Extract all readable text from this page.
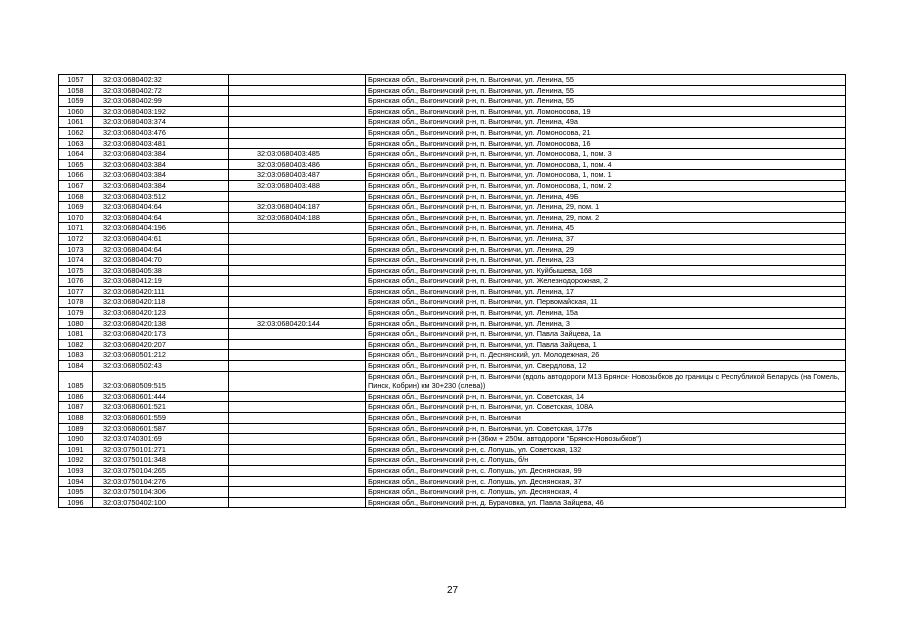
1057	32:03:0680402:32		Брянская обл., Выгоничский р-н, п. Выгоничи, ул. Ленина, 55
1058	32:03:0680402:72		Брянская обл., Выгоничский р-н, п. Выгоничи, ул. Ленина, 55
1059	32:03:0680402:99		Брянская обл., Выгоничский р-н, п. Выгоничи, ул. Ленина, 55
1060	32:03:0680403:192		Брянская обл., Выгоничский р-н, п. Выгоничи, ул. Ломоносова, 19
1061	32:03:0680403:374		Брянская обл., Выгоничский р-н, п. Выгоничи, ул. Ленина, 49а
1062	32:03:0680403:476		Брянская обл., Выгоничский р-н, п. Выгоничи, ул. Ломоносова, 21
1063	32:03:0680403:481		Брянская обл., Выгоничский р-н, п. Выгоничи, ул. Ломоносова, 16
1064	32:03:0680403:384	32:03:0680403:485	Брянская обл., Выгоничский р-н, п. Выгоничи, ул. Ломоносова, 1, пом. 3
1065	32:03:0680403:384	32:03:0680403:486	Брянская обл., Выгоничский р-н, п. Выгоничи, ул. Ломоносова, 1, пом. 4
1066	32:03:0680403:384	32:03:0680403:487	Брянская обл., Выгоничский р-н, п. Выгоничи, ул. Ломоносова, 1, пом. 1
1067	32:03:0680403:384	32:03:0680403:488	Брянская обл., Выгоничский р-н, п. Выгоничи, ул. Ломоносова, 1, пом. 2
1068	32:03:0680403:512		Брянская обл., Выгоничский р-н, п. Выгоничи, ул. Ленина, 49Б
1069	32:03:0680404:64	32:03:0680404:187	Брянская обл., Выгоничский р-н, п. Выгоничи, ул. Ленина, 29, пом. 1
1070	32:03:0680404:64	32:03:0680404:188	Брянская обл., Выгоничский р-н, п. Выгоничи, ул. Ленина, 29, пом. 2
1071	32:03:0680404:196		Брянская обл., Выгоничский р-н, п. Выгоничи, ул. Ленина, 45
1072	32:03:0680404:61		Брянская обл., Выгоничский р-н, п. Выгоничи, ул. Ленина, 37
1073	32:03:0680404:64		Брянская обл., Выгоничский р-н, п. Выгоничи, ул. Ленина, 29
1074	32:03:0680404:70		Брянская обл., Выгоничский р-н, п. Выгоничи, ул. Ленина, 23
1075	32:03:0680405:38		Брянская обл., Выгоничский р-н, п. Выгоничи, ул. Куйбышева, 168
1076	32:03:0680412:19		Брянская обл., Выгоничский р-н, п. Выгоничи, ул. Железнодорожная, 2
1077	32:03:0680420:111		Брянская обл., Выгоничский р-н, п. Выгоничи, ул. Ленина, 17
1078	32:03:0680420:118		Брянская обл., Выгоничский р-н, п. Выгоничи, ул. Первомайская, 11
1079	32:03:0680420:123		Брянская обл., Выгоничский р-н, п. Выгоничи, ул. Ленина, 15а
1080	32:03:0680420:138	32:03:0680420:144	Брянская обл., Выгоничский р-н, п. Выгоничи, ул. Ленина, 3
1081	32:03:0680420:173		Брянская обл., Выгоничский р-н, п. Выгоничи, ул. Павла Зайцева, 1а
1082	32:03:0680420:207		Брянская обл., Выгоничский р-н, п. Выгоничи, ул. Павла Зайцева, 1
1083	32:03:0680501:212		Брянская обл., Выгоничский р-н, п. Деснянский, ул. Молодежная, 26
1084	32:03:0680502:43		Брянская обл., Выгоничский р-н, п. Выгоничи, ул. Свердлова, 12
1085	32:03:0680509:515		Брянская обл., Выгоничский р-н, п. Выгоничи (вдоль автодороги М13 Брянск- Новозыбков до границы с Республикой Беларусь (на Гомель, Пинск, Кобрин) км 30+230 (слева))
1086	32:03:0680601:444		Брянская обл., Выгоничский р-н, п. Выгоничи, ул. Советская, 14
1087	32:03:0680601:521		Брянская обл., Выгоничский р-н, п. Выгоничи, ул. Советская, 108А
1088	32:03:0680601:559		Брянская обл., Выгоничский р-н, п. Выгоничи
1089	32:03:0680601:587		Брянская обл., Выгоничский р-н, п. Выгоничи, ул. Советская, 177в
1090	32:03:0740301:69		Брянская обл., Выгоничский р-н (36км + 250м. автодороги "Брянск-Новозыбков")
1091	32:03:0750101:271		Брянская обл., Выгоничский р-н, с. Лопушь, ул. Советская, 132
1092	32:03:0750101:348		Брянская обл., Выгоничский р-н, с. Лопушь, б/н
1093	32:03:0750104:265		Брянская обл., Выгоничский р-н, с. Лопушь, ул. Деснянская, 99
1094	32:03:0750104:276		Брянская обл., Выгоничский р-н, с. Лопушь, ул. Деснянская, 37
1095	32:03:0750104:306		Брянская обл., Выгоничский р-н, с. Лопушь, ул. Деснянская, 4
1096	32:03:0750402:100		Брянская обл., Выгоничский р-н, д. Бурачовка, ул. Павла Зайцева, 46
27
